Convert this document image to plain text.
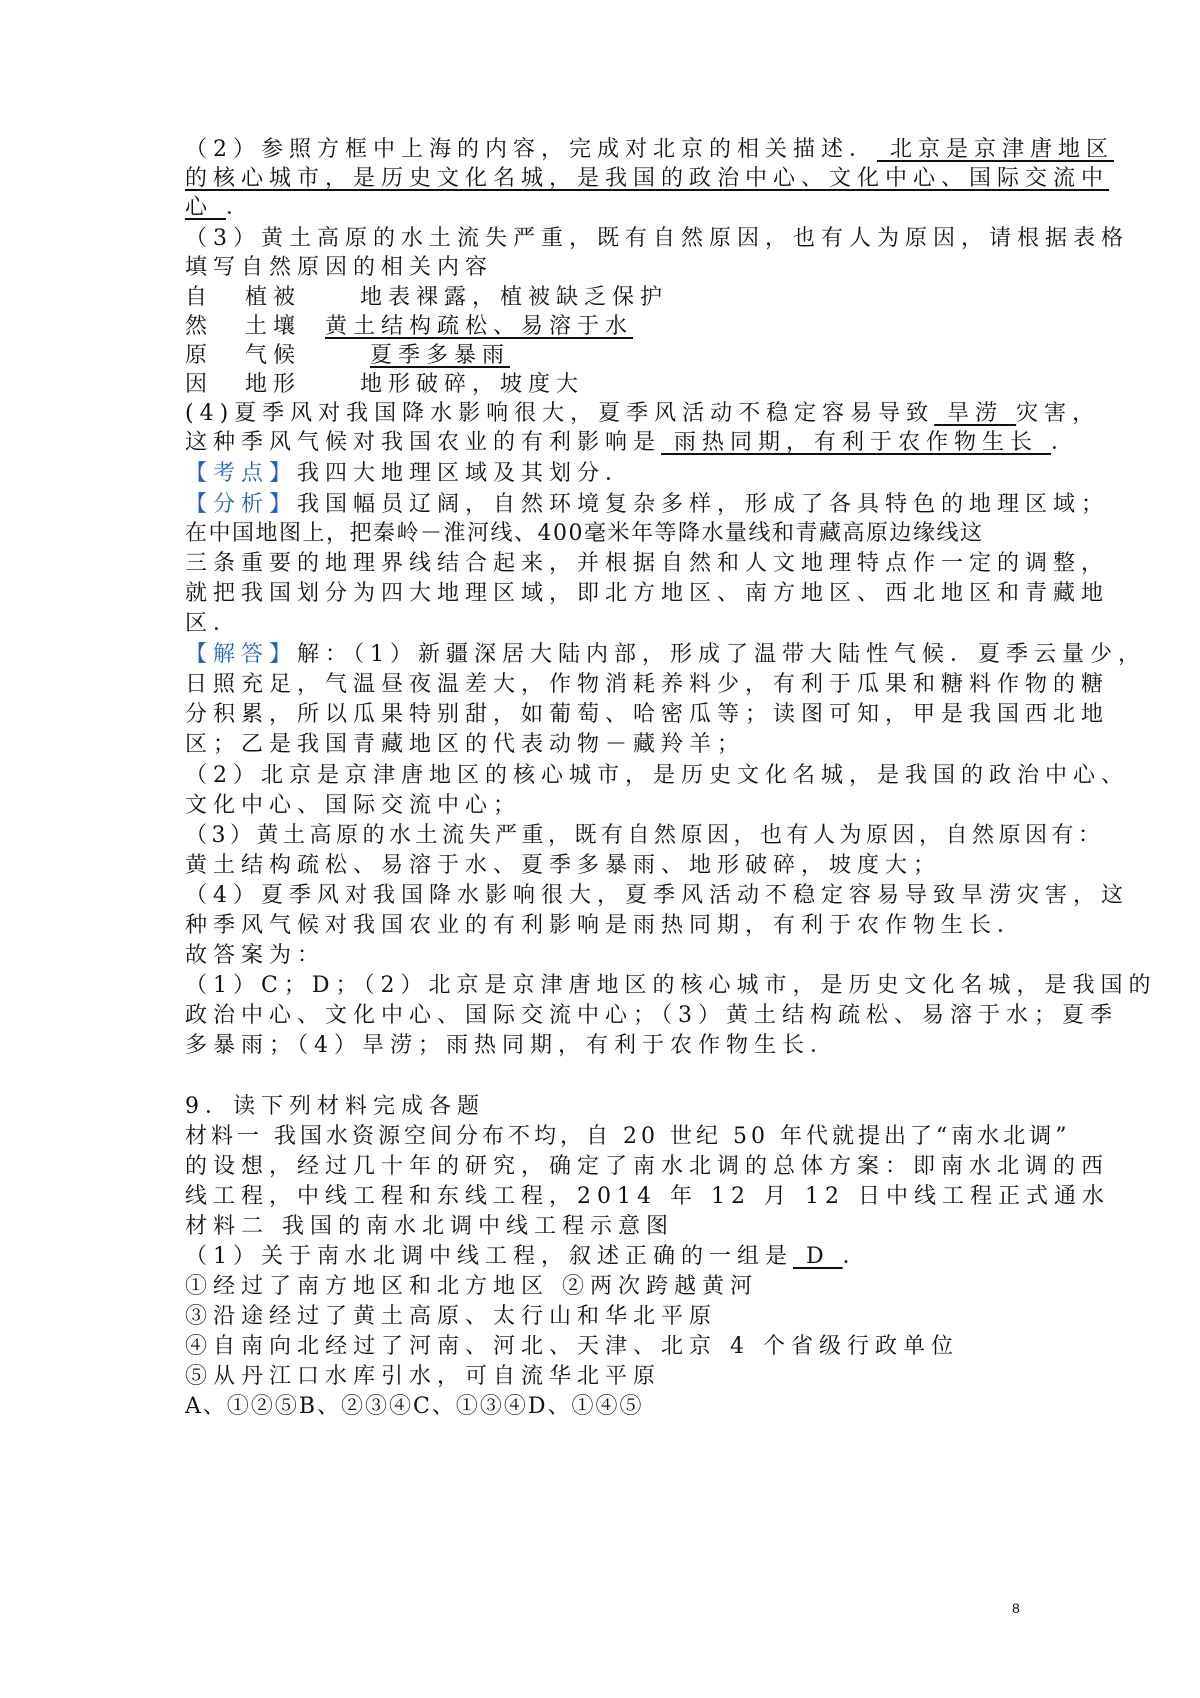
（2）参照方框中上海的内容，完成对北京的相关描述． 北京是京津唐地区
的核心城市，是历史文化名城，是我国的政治中心、文化中心、国际交流中
心 ．
（3）黄土高原的水土流失严重，既有自然原因，也有人为原因，请根据表格
填写自然原因的相关内容
自 植被	地表裸露，植被缺乏保护
然 土壤 黄土结构疏松、易溶于水
原 气候	夏季多暴雨
因 地形	地形破碎，坡度大
(4)夏季风对我国降水影响很大，夏季风活动不稳定容易导致 旱涝 灾害，
这种季风气候对我国农业的有利影响是 雨热同期，有利于农作物生长 ．
【考点】我四大地理区域及其划分．
【分析】我国幅员辽阔，自然环境复杂多样，形成了各具特色的地理区域；
在中国地图上，把秦岭－淮河线、400毫米年等降水量线和青藏高原边缘线这
三条重要的地理界线结合起来，并根据自然和人文地理特点作一定的调整，
就把我国划分为四大地理区域，即北方地区、南方地区、西北地区和青藏地
区．
【解答】解：（1）新疆深居大陆内部，形成了温带大陆性气候．夏季云量少，
日照充足，气温昼夜温差大，作物消耗养料少，有利于瓜果和糖料作物的糖
分积累，所以瓜果特别甜，如葡萄、哈密瓜等；读图可知，甲是我国西北地
区；乙是我国青藏地区的代表动物－藏羚羊；
（2）北京是京津唐地区的核心城市，是历史文化名城，是我国的政治中心、
文化中心、国际交流中心；
（3）黄土高原的水土流失严重，既有自然原因，也有人为原因，自然原因有：
黄土结构疏松、易溶于水、夏季多暴雨、地形破碎，坡度大；
（4）夏季风对我国降水影响很大，夏季风活动不稳定容易导致旱涝灾害，这
种季风气候对我国农业的有利影响是雨热同期，有利于农作物生长．
故答案为：
（1）C；D；（2）北京是京津唐地区的核心城市，是历史文化名城，是我国的
政治中心、文化中心、国际交流中心；（3）黄土结构疏松、易溶于水；夏季
多暴雨；（4）旱涝；雨热同期，有利于农作物生长．
9．读下列材料完成各题
材料一 我国水资源空间分布不均，自 20 世纪 50 年代就提出了“南水北调”
的设想，经过几十年的研究，确定了南水北调的总体方案：即南水北调的西
线工程，中线工程和东线工程，2014 年 12 月 12 日中线工程正式通水
材料二 我国的南水北调中线工程示意图
（1）关于南水北调中线工程，叙述正确的一组是 D ．
①经过了南方地区和北方地区 ②两次跨越黄河
③沿途经过了黄土高原、太行山和华北平原
④自南向北经过了河南、河北、天津、北京 4 个省级行政单位
⑤从丹江口水库引水，可自流华北平原
A、①②⑤B、②③④C、①③④D、①④⑤
8
